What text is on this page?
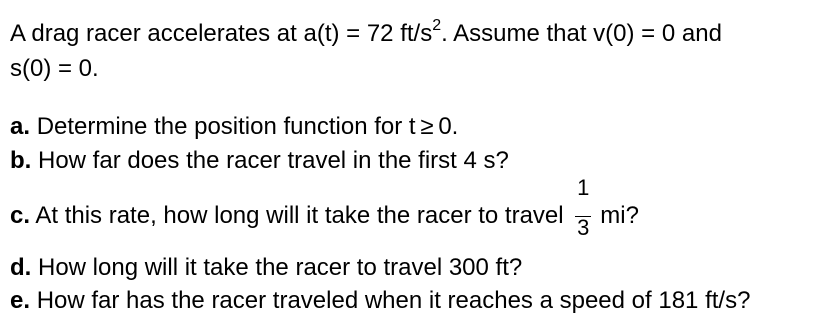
A drag racer accelerates at a(t) = 72 $ft/s^2$. Assume that v(0) = 0 and
s(0) = 0.
a. Determine the position function for t ≥ 0.
b. How far does the racer travel in the first 4 s?
c. At this rate, how long will it take the racer to travel $\frac{1}{3}$ mi?
d. How long will it take the racer to travel 300 ft?
e. How far has the racer traveled when it reaches a speed of 181 ft/s?
